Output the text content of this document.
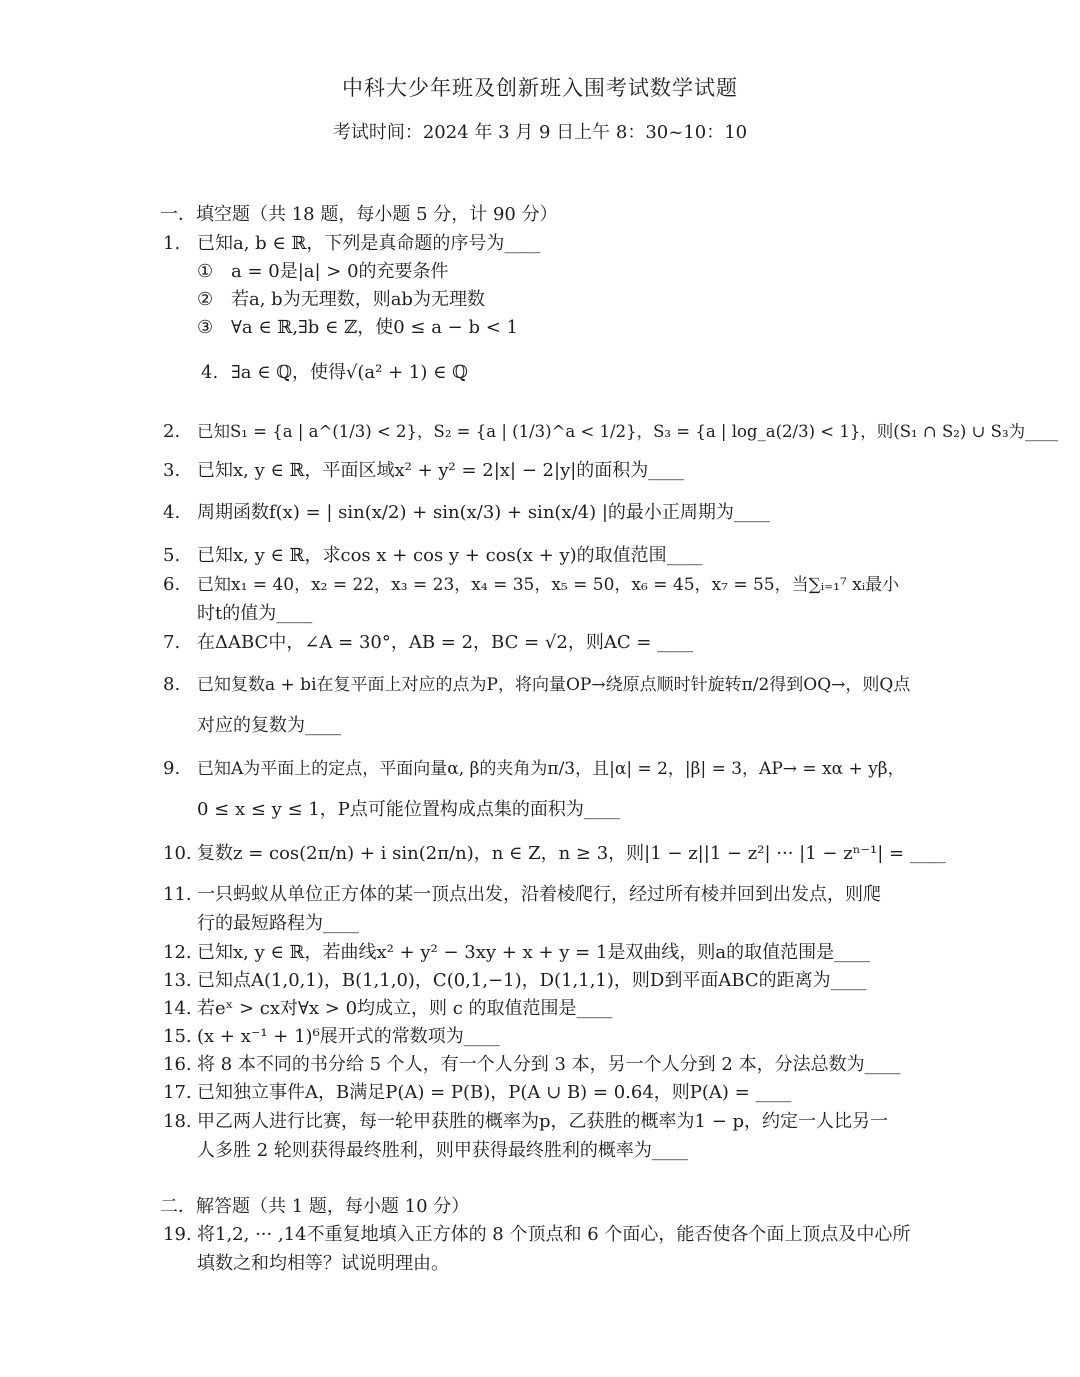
中科大少年班及创新班入围考试数学试题
考试时间：2024 年 3 月 9 日上午 8：30~10：10
一．填空题（共 18 题，每小题 5 分，计 90 分）
1. 已知a, b ∈ ℝ，下列是真命题的序号为____
① a = 0是|a| > 0的充要条件
② 若a, b为无理数，则ab为无理数
③ ∀a ∈ ℝ,∃b ∈ ℤ，使0 ≤ a − b < 1
4. ∃a ∈ ℚ，使得√(a² + 1) ∈ ℚ
2. 已知S₁ = {a | a^(1/3) < 2}，S₂ = {a | (1/3)^a < 1/2}，S₃ = {a | log_a(2/3) < 1}，则(S₁ ∩ S₂) ∪ S₃为____
3. 已知x, y ∈ ℝ，平面区域x² + y² = 2|x| − 2|y|的面积为____
4. 周期函数f(x) = | sin(x/2) + sin(x/3) + sin(x/4) |的最小正周期为____
5. 已知x, y ∈ ℝ，求cos x + cos y + cos(x + y)的取值范围____
6. 已知x₁ = 40，x₂ = 22，x₃ = 23，x₄ = 35，x₅ = 50，x₆ = 45，x₇ = 55，当∑ᵢ₌₁⁷ xᵢ最小
时t的值为____
7. 在ΔABC中，∠A = 30°，AB = 2，BC = √2，则AC = ____
8. 已知复数a + bi在复平面上对应的点为P，将向量OP→绕原点顺时针旋转π/2得到OQ→，则Q点
对应的复数为____
9. 已知A为平面上的定点，平面向量α, β的夹角为π/3，且|α| = 2，|β| = 3，AP→ = xα + yβ，
0 ≤ x ≤ y ≤ 1，P点可能位置构成点集的面积为____
10. 复数z = cos(2π/n) + i sin(2π/n)，n ∈ Z，n ≥ 3，则|1 − z||1 − z²| ··· |1 − zⁿ⁻¹| = ____
11. 一只蚂蚁从单位正方体的某一顶点出发，沿着棱爬行，经过所有棱并回到出发点，则爬
行的最短路程为____
12. 已知x, y ∈ ℝ，若曲线x² + y² − 3xy + x + y = 1是双曲线，则a的取值范围是____
13. 已知点A(1,0,1)，B(1,1,0)，C(0,1,−1)，D(1,1,1)，则D到平面ABC的距离为____
14. 若eˣ > cx对∀x > 0均成立，则 c 的取值范围是____
15. (x + x⁻¹ + 1)⁶展开式的常数项为____
16. 将 8 本不同的书分给 5 个人，有一个人分到 3 本，另一个人分到 2 本，分法总数为____
17. 已知独立事件A，B满足P(A) = P(B)，P(A ∪ B) = 0.64，则P(A) = ____
18. 甲乙两人进行比赛，每一轮甲获胜的概率为p，乙获胜的概率为1 − p，约定一人比另一
人多胜 2 轮则获得最终胜利，则甲获得最终胜利的概率为____
二．解答题（共 1 题，每小题 10 分）
19. 将1,2, ··· ,14不重复地填入正方体的 8 个顶点和 6 个面心，能否使各个面上顶点及中心所
填数之和均相等？试说明理由。
